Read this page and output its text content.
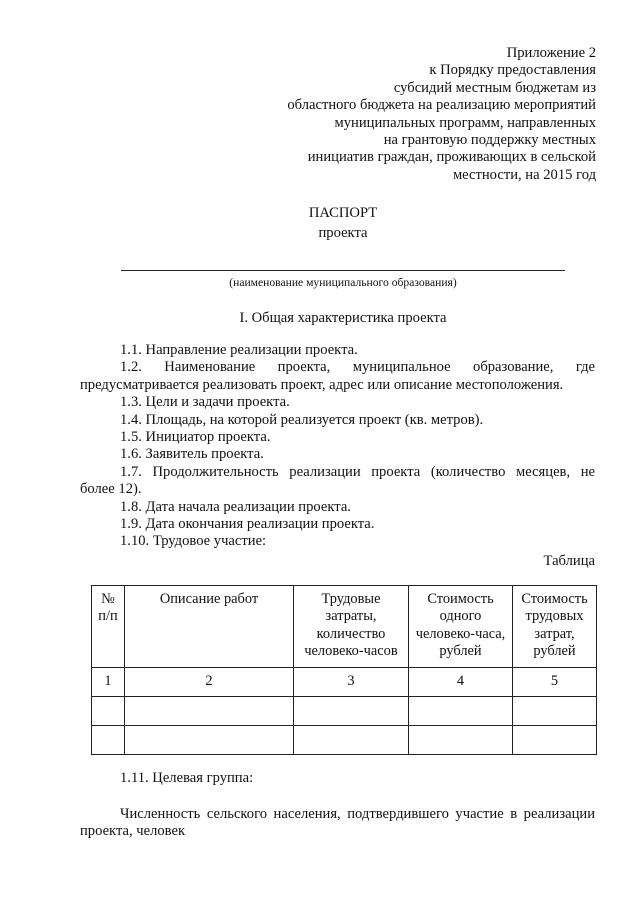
Приложение 2
к Порядку предоставления
субсидий местным бюджетам из
областного бюджета на реализацию мероприятий
муниципальных программ, направленных
на грантовую поддержку местных
инициатив граждан, проживающих в сельской
местности, на 2015 год
ПАСПОРТ
проекта
(наименование муниципального образования)
I. Общая характеристика проекта

1.1. Направление реализации проекта.

1.2. Наименование проекта, муниципальное образование, где

предусматривается реализовать проект, адрес или описание местоположения.

1.3. Цели и задачи проекта.

1.4. Площадь, на которой реализуется проект (кв. метров).

1.5. Инициатор проекта.

1.6. Заявитель проекта.

1.7. Продолжительность реализации проекта (количество месяцев, не

более 12).

1.8. Дата начала реализации проекта.

1.9. Дата окончания реализации проекта.

1.10. Трудовое участие:

Таблица
№ п/п	Описание работ	Трудовые затраты, количество человеко-часов	Стоимость одного человеко-часа, рублей	Стоимость трудовых затрат, рублей
1	2	3	4	5

1.11. Целевая группа:

Численность сельского населения, подтвердившего участие в реализации проекта, человек
